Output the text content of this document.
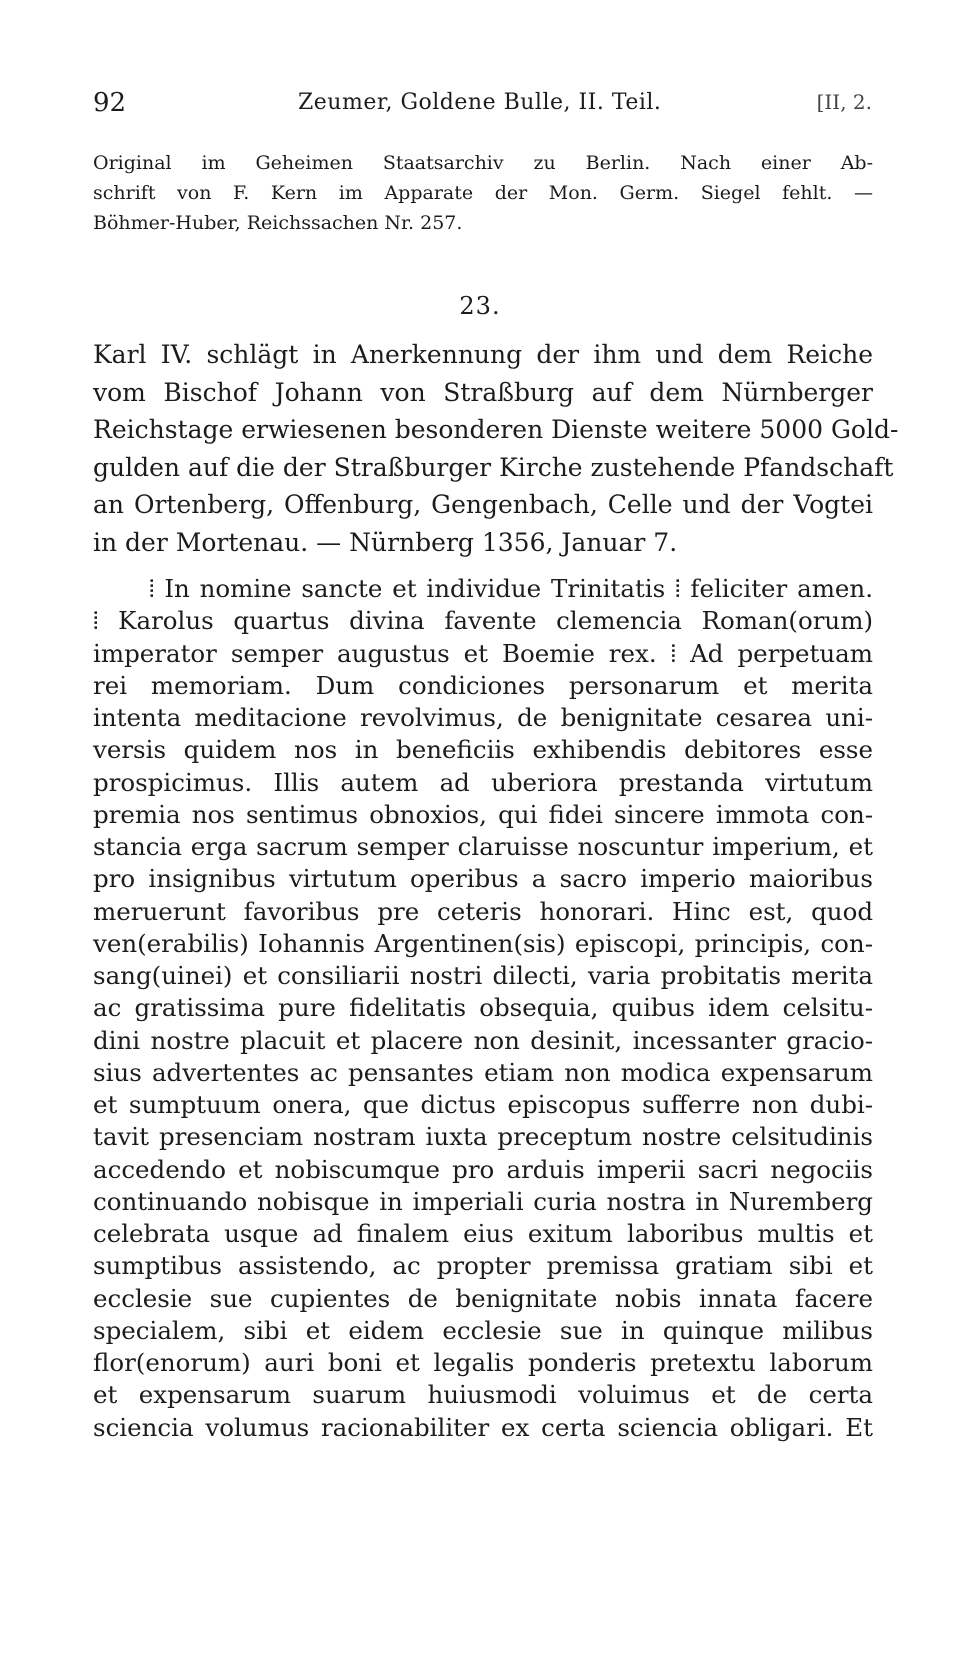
92	Zeumer, Goldene Bulle, II. Teil.	[II, 2.
Original im Geheimen Staatsarchiv zu Berlin. Nach einer Ab-
schrift von F. Kern im Apparate der Mon. Germ. Siegel fehlt. —
Böhmer-Huber, Reichssachen Nr. 257.
23.
Karl IV. schlägt in Anerkennung der ihm und dem Reiche
vom Bischof Johann von Straßburg auf dem Nürnberger
Reichstage erwiesenen besonderen Dienste weitere 5000 Gold-
gulden auf die der Straßburger Kirche zustehende Pfandschaft
an Ortenberg, Offenburg, Gengenbach, Celle und der Vogtei
in der Mortenau. — Nürnberg 1356, Januar 7.
⦙ In nomine sancte et individue Trinitatis ⦙ feliciter amen.
⦙ Karolus quartus divina favente clemencia Roman(orum)
imperator semper augustus et Boemie rex. ⦙ Ad perpetuam
rei memoriam. Dum condiciones personarum et merita
intenta meditacione revolvimus, de benignitate cesarea uni-
versis quidem nos in beneficiis exhibendis debitores esse
prospicimus. Illis autem ad uberiora prestanda virtutum
premia nos sentimus obnoxios, qui fidei sincere immota con-
stancia erga sacrum semper claruisse noscuntur imperium, et
pro insignibus virtutum operibus a sacro imperio maioribus
meruerunt favoribus pre ceteris honorari. Hinc est, quod
ven(erabilis) Iohannis Argentinen(sis) episcopi, principis, con-
sang(uinei) et consiliarii nostri dilecti, varia probitatis merita
ac gratissima pure fidelitatis obsequia, quibus idem celsitu-
dini nostre placuit et placere non desinit, incessanter gracio-
sius advertentes ac pensantes etiam non modica expensarum
et sumptuum onera, que dictus episcopus sufferre non dubi-
tavit presenciam nostram iuxta preceptum nostre celsitudinis
accedendo et nobiscumque pro arduis imperii sacri negociis
continuando nobisque in imperiali curia nostra in Nuremberg
celebrata usque ad finalem eius exitum laboribus multis et
sumptibus assistendo, ac propter premissa gratiam sibi et
ecclesie sue cupientes de benignitate nobis innata facere
specialem, sibi et eidem ecclesie sue in quinque milibus
flor(enorum) auri boni et legalis ponderis pretextu laborum
et expensarum suarum huiusmodi voluimus et de certa
sciencia volumus racionabiliter ex certa sciencia obligari. Et
